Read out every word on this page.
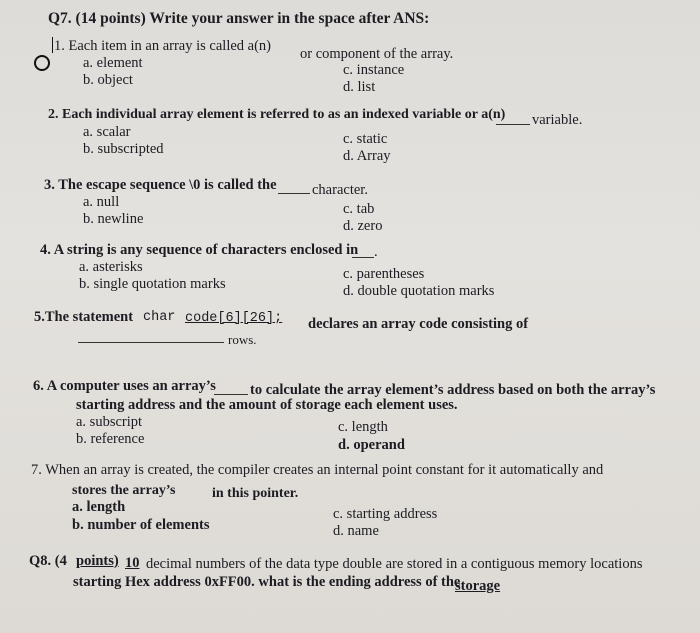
Q7. (14 points) Write your answer in the space after ANS:
1. Each item in an array is called a(n) or component of the array.
a. element
b. object
c. instance
d. list
2. Each individual array element is referred to as an indexed variable or a(n) variable.
a. scalar
b. subscripted
c. static
d. Array
3. The escape sequence \0 is called the character.
a. null
b. newline
c. tab
d. zero
4. A string is any sequence of characters enclosed in .
a. asterisks
b. single quotation marks
c. parentheses
d. double quotation marks
5.The statement char code[6][26]; declares an array code consisting of
rows.
6. A computer uses an array’s to calculate the array element’s address based on both the array’s
starting address and the amount of storage each element uses.
a. subscript
b. reference
c. length
d. operand
7. When an array is created, the compiler creates an internal point constant for it automatically and
stores the array’s	in this pointer.
a. length
b. number of elements
c. starting address
d. name
Q8. (4 points) 10 decimal numbers of the data type double are stored in a contiguous memory locations
starting Hex address 0xFF00. what is the ending address of the
storage
